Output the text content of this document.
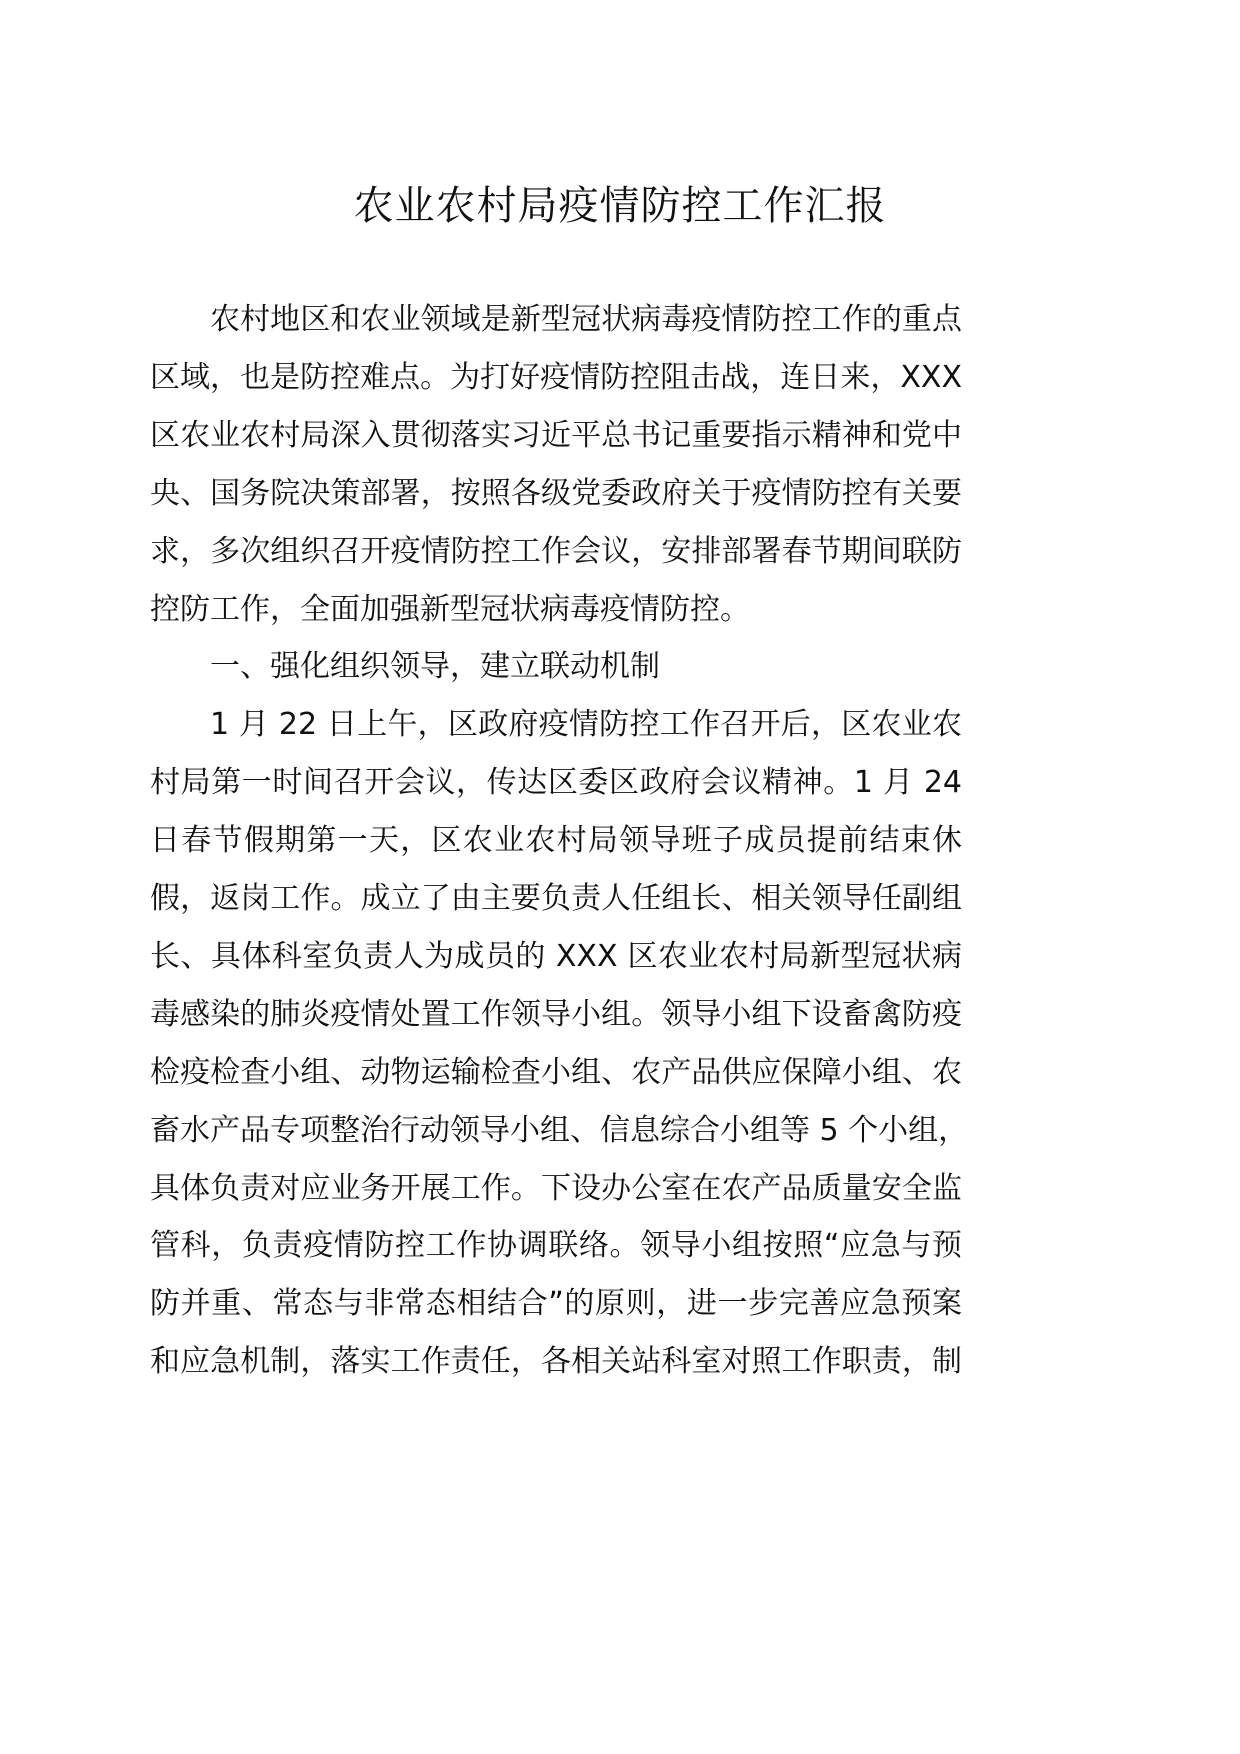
农业农村局疫情防控工作汇报
农村地区和农业领域是新型冠状病毒疫情防控工作的重点
区域，也是防控难点。为打好疫情防控阻击战，连日来，XXX
区农业农村局深入贯彻落实习近平总书记重要指示精神和党中
央、国务院决策部署，按照各级党委政府关于疫情防控有关要
求，多次组织召开疫情防控工作会议，安排部署春节期间联防
控防工作，全面加强新型冠状病毒疫情防控。
一、强化组织领导，建立联动机制
1 月 22 日上午，区政府疫情防控工作召开后，区农业农
村局第一时间召开会议，传达区委区政府会议精神。1 月 24
日春节假期第一天，区农业农村局领导班子成员提前结束休
假，返岗工作。成立了由主要负责人任组长、相关领导任副组
长、具体科室负责人为成员的 XXX 区农业农村局新型冠状病
毒感染的肺炎疫情处置工作领导小组。领导小组下设畜禽防疫
检疫检查小组、动物运输检查小组、农产品供应保障小组、农
畜水产品专项整治行动领导小组、信息综合小组等 5 个小组，
具体负责对应业务开展工作。下设办公室在农产品质量安全监
管科，负责疫情防控工作协调联络。领导小组按照“应急与预
防并重、常态与非常态相结合”的原则，进一步完善应急预案
和应急机制，落实工作责任，各相关站科室对照工作职责，制
